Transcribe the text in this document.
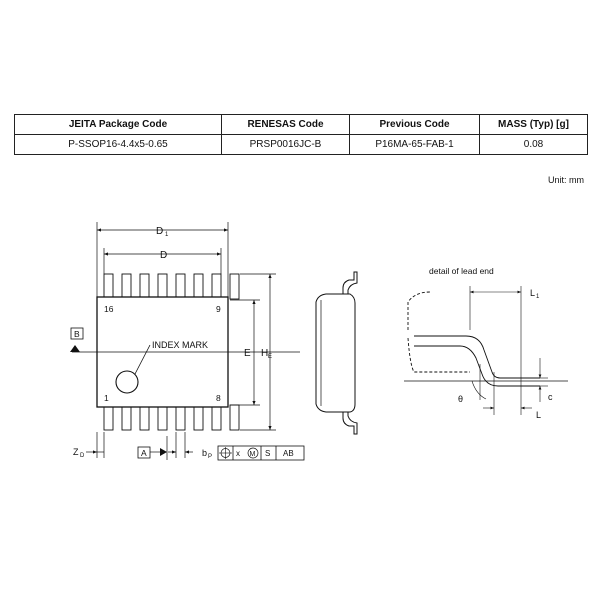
JEITA Package Code	RENESAS Code	Previous Code	MASS (Typ) [g]
P-SSOP16-4.4x5-0.65	PRSP0016JC-B	P16MA-65-FAB-1	0.08
Unit: mm
D 1
D
16	9
1	8
INDEX MARK
E H E
B
A
Z D	b P	x M S AB
detail of lead end
L 1
c
θ
L
